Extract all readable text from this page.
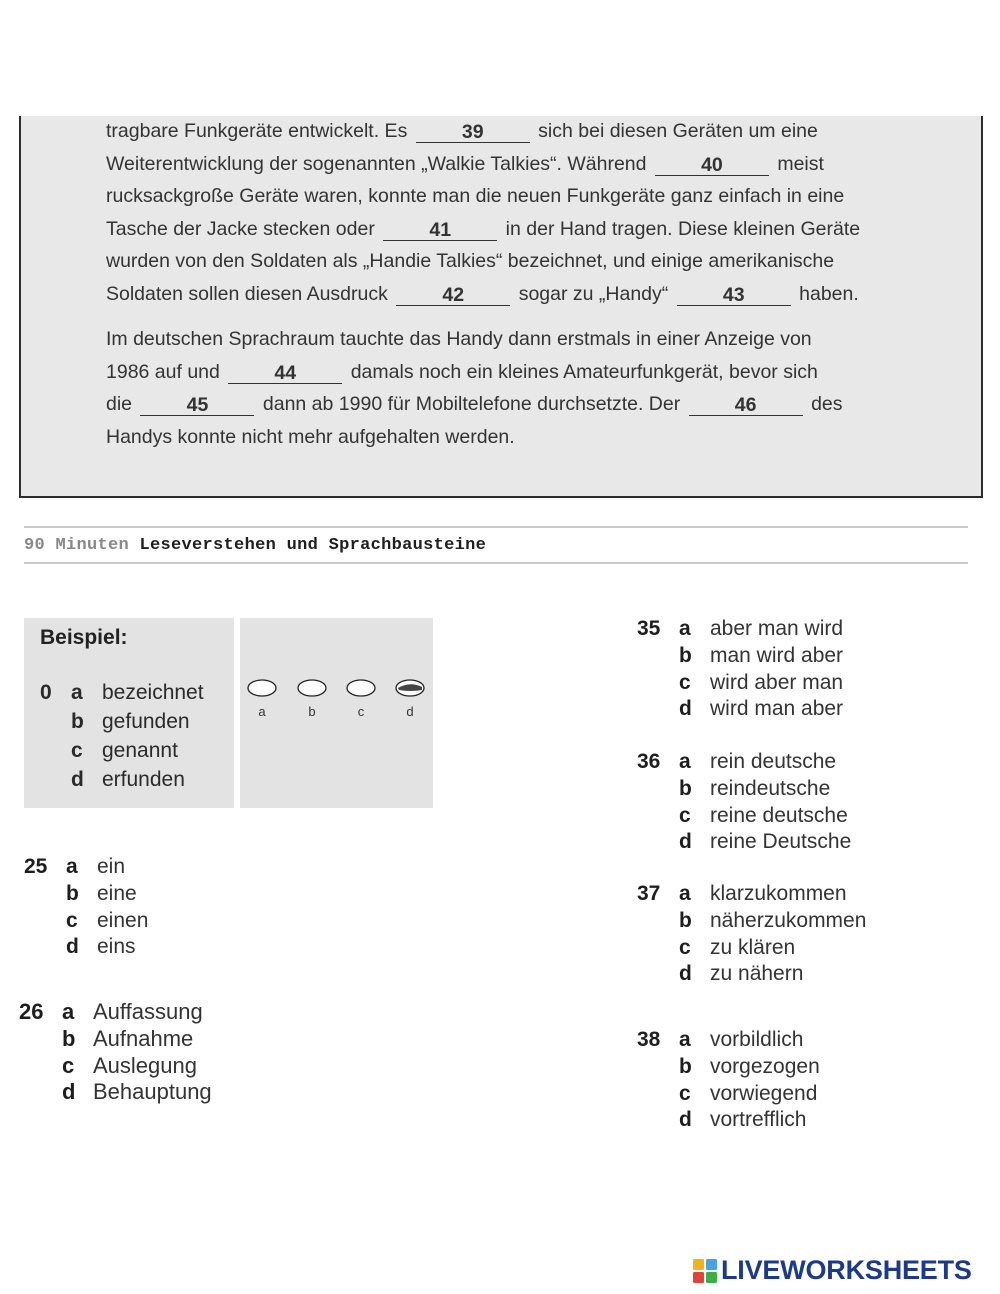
tragbare Funkgeräte entwickelt. Es	39	sich bei diesen Geräten um eine
Weiterentwicklung der sogenannten „Walkie Talkies“. Während	40	meist
rucksackgroße Geräte waren, konnte man die neuen Funkgeräte ganz einfach in eine
Tasche der Jacke stecken oder	41	in der Hand tragen. Diese kleinen Geräte
wurden von den Soldaten als „Handie Talkies“ bezeichnet, und einige amerikanische
Soldaten sollen diesen Ausdruck	42	sogar zu „Handy“	43	haben.
Im deutschen Sprachraum tauchte das Handy dann erstmals in einer Anzeige von
1986 auf und	44	damals noch ein kleines Amateurfunkgerät, bevor sich
die	45	dann ab 1990 für Mobiltelefone durchsetzte. Der	46	des
Handys konnte nicht mehr aufgehalten werden.
90 Minuten Leseverstehen und Sprachbausteine
Beispiel:
0 a bezeichnet
b gefunden
c genannt
d erfunden
a	b	c	d
25 a ein
b eine
c einen
d eins
26 a Auffassung
b Aufnahme
c Auslegung
d Behauptung
35 a aber man wird
b man wird aber
c wird aber man
d wird man aber
36 a rein deutsche
b reindeutsche
c reine deutsche
d reine Deutsche
37 a klarzukommen
b näherzukommen
c zu klären
d zu nähern
38 a vorbildlich
b vorgezogen
c vorwiegend
d vortrefflich
LIVEWORKSHEETS
